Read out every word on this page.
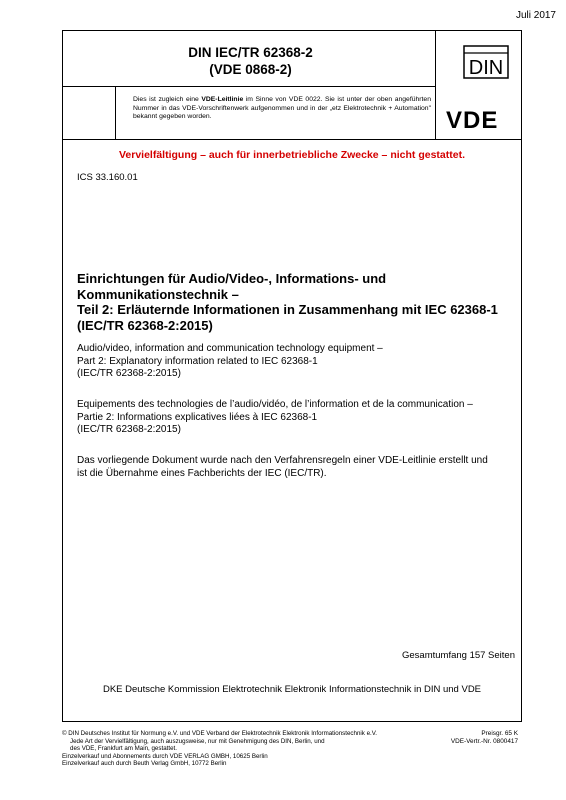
Juli 2017
DIN IEC/TR 62368-2
(VDE 0868-2)
Dies ist zugleich eine VDE-Leitlinie im Sinne von VDE 0022. Sie ist unter der oben angeführten Nummer in das VDE-Vorschriftenwerk aufgenommen und in der „etz Elektrotechnik + Automation" bekannt gegeben worden.
DIN
VDE
Vervielfältigung – auch für innerbetriebliche Zwecke – nicht gestattet.
ICS 33.160.01
Einrichtungen für Audio/Video-, Informations- und
Kommunikationstechnik –
Teil 2: Erläuternde Informationen in Zusammenhang mit IEC 62368-1
(IEC/TR 62368-2:2015)
Audio/video, information and communication technology equipment –
Part 2: Explanatory information related to IEC 62368-1
(IEC/TR 62368-2:2015)
Equipements des technologies de l’audio/vidéo, de l’information et de la communication –
Partie 2: Informations explicatives liées à IEC 62368-1
(IEC/TR 62368-2:2015)
Das vorliegende Dokument wurde nach den Verfahrensregeln einer VDE-Leitlinie erstellt und
ist die Übernahme eines Fachberichts der IEC (IEC/TR).
Gesamtumfang 157 Seiten
DKE Deutsche Kommission Elektrotechnik Elektronik Informationstechnik in DIN und VDE
© DIN Deutsches Institut für Normung e.V. und VDE Verband der Elektrotechnik Elektronik Informationstechnik e.V.
Jede Art der Vervielfältigung, auch auszugsweise, nur mit Genehmigung des DIN, Berlin, und
des VDE, Frankfurt am Main, gestattet.
Einzelverkauf und Abonnements durch VDE VERLAG GMBH, 10625 Berlin
Einzelverkauf auch durch Beuth Verlag GmbH, 10772 Berlin
Preisgr. 65 K
VDE-Vertr.-Nr. 0800417
